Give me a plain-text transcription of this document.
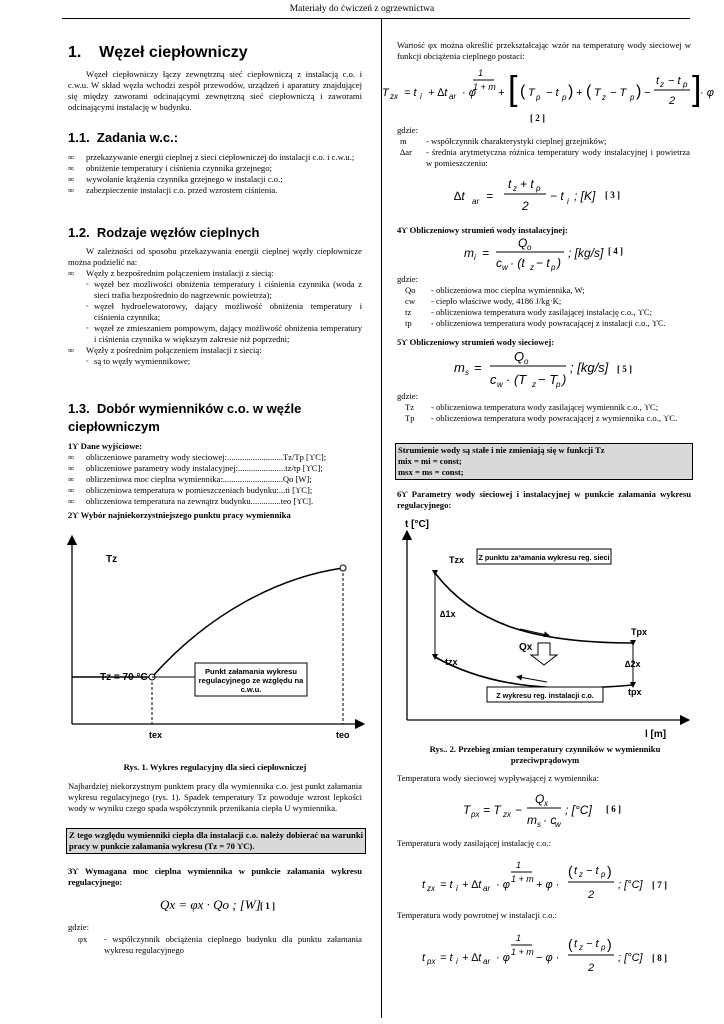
Materiały do ćwiczeń z ogrzewnictwa
1.    Węzeł ciepłowniczy
Węzeł ciepłowniczy łączy zewnętrzną sieć ciepłowniczą z instalacją c.o. i c.w.u. W skład węzła wchodzi zespół przewodów, urządzeń i aparatury znajdującej się między zaworami odcinającymi zewnętrzną sieć ciepłowniczą i zaworami odcinającymi instalację w budynku.
1.1.  Zadania w.c.:
∞ przekazywanie energii cieplnej z sieci ciepłowniczej do instalacji c.o. i c.w.u.;
∞ obniżenie temperatury i ciśnienia czynnika grzejnego;
∞ wywołanie krążenia czynnika grzejnego w instalacji c.o.;
∞ zabezpieczenie instalacji c.o. przed wzrostem ciśnienia.
1.2.  Rodzaje węzłów cieplnych
W zależności od sposobu przekazywania energii cieplnej węzły ciepłownicze można podzielić na:
∞ Węzły z bezpośrednim połączeniem instalacji z siecią:
◦ węzeł bez możliwości obniżenia temperatury i ciśnienia czynnika (woda z sieci trafia bezpośrednio do nagrzewnic powietrza);
◦ węzeł hydroelewatorowy, dający możliwość obniżenia temperatury i ciśnienia czynnika;
◦ węzeł ze zmieszaniem pompowym, dający możliwość obniżenia temperatury i ciśnienia czynnika w większym zakresie niż poprzedni;
∞ Węzły z pośrednim połączeniem instalacji z siecią:
◦ są to węzły wymiennikowe;
1.3.  Dobór wymienników c.o. w węźle ciepłowniczym
1ϒ Dane wyjściowe:
∞ obliczeniowe parametry wody sieciowej:..........................Tz/Tp [ϒC];
∞ obliczeniowe parametry wody instalacyjnej:......................tz/tp [ϒC];
∞ obliczeniowa moc cieplna wymiennika:............................Qo [W];
∞ obliczeniowa temperatura w pomieszczeniach budynku:...ti [ϒC];
∞ obliczeniowa temperatura na zewnątrz budynku..............teo [ϒC].
2ϒ Wybór najniekorzystniejszego punktu pracy wymiennika
Tz
Tz = 70 °C
Punkt załamania wykresu
regulacyjnego ze względu na
c.w.u.
tex	teo
Rys. 1. Wykres regulacyjny dla sieci ciepłowniczej
Najbardziej niekorzystnym punktem pracy dla wymiennika c.o. jest punkt załamania wykresu regulacyjnego (rys. 1). Spadek temperatury Tz powoduje wzrost lepkości wody w wyniku czego spada współczynnik przenikania ciepła U wymiennika.
Z tego względu wymienniki ciepła dla instalacji c.o. należy dobierać na warunki pracy w punkcie załamania wykresu (Tz = 70 ϒC).
3ϒ Wymagana moc cieplna wymiennika w punkcie załamania wykresu regulacyjnego:
Qx = φx · Qo ; [W] [ 1 ]
gdzie:
φx	- współczynnik obciążenia cieplnego budynku dla punktu załamania wykresu regulacyjnego
Wartość φx można określić przekształcając wzór na temperaturę wody sieciowej w funkcji obciążenia cieplnego postaci:
T zx = t i + ∆t ar · φ
1
1 + m + [ ( T p − t p ) + ( T z − T p ) −
t z − t p
2 ]
· φ
[ 2 ]
gdzie:
m	- współczynnik charakterystyki cieplnej grzejników;
∆ar	- średnia arytmetyczna różnica temperatury wody instalacyjnej i powietrza w pomieszczeniu:
∆t ar =
t z + t p
2
− t i ; [K] [ 3 ]
4ϒ Obliczeniowy strumień wody instalacyjnej:
m i =
Q o
c w · (t z − t p )
; [kg/s] [ 4 ]
gdzie:
Qo	- obliczeniowa moc cieplna wymiennika, W;
cw	- ciepło właściwe wody, 4186 J/kg·K;
tz	- obliczeniowa temperatura wody zasilającej instalację c.o., ϒC;
tp	- obliczeniowa temperatura wody powracającej z instalacji c.o., ϒC.
5ϒ Obliczeniowy strumień wody sieciowej:
m s =
Q o
c w · (T z − T
p )
; [kg/s] [ 5 ]
gdzie:
Tz	- obliczeniowa temperatura wody zasilającej wymiennik c.o., ϒC;
Tp	- obliczeniowa temperatura wody powracającej z wymiennika c.o., ϒC.
Strumienie wody są stałe i nie zmieniają się w funkcji Tz
mix = mi = const;
msx = ms = const;
6ϒ Parametry wody sieciowej i instalacyjnej w punkcie załamania wykresu regulacyjnego:
t [°C]
l [m]
Qx
Tzx
Tpx
tzx
tpx
∆1x
∆2x
Z punktu za³amania wykresu reg. sieci
Z wykresu reg. instalacji c.o.
Rys.. 2. Przebieg zmian temperatury czynników w wymienniku przeciwprądowym
Temperatura wody sieciowej wypływającej z wymiennika:
T px = T zx −
Q x
m s · c
w
; [°C] [ 6 ]
Temperatura wody zasilającej instalację c.o.:
t zx = t i + ∆t ar · φ
1
1 + m + φ ·
( t z − t p )
2
; [°C] [ 7 ]
Temperatura wody powrotnej w instalacji c.o.:
t px = t i + ∆t ar · φ
1
1 + m − φ ·
( t z − t p )
2
; [°C] [ 8 ]
